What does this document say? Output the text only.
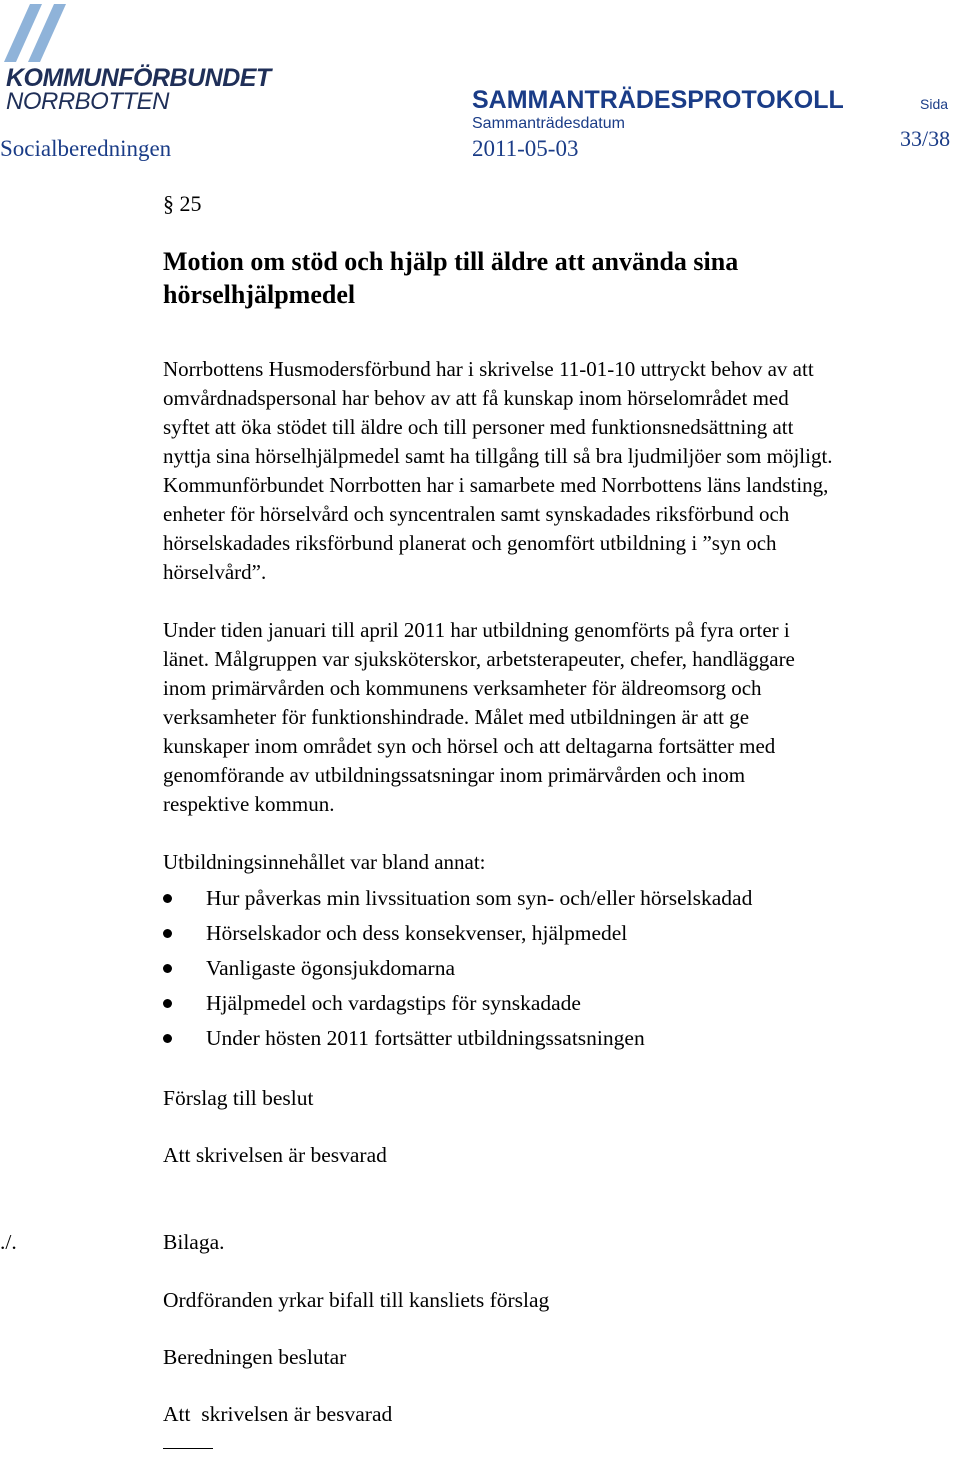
KOMMUNFÖRBUNDET
NORRBOTTEN	SAMMANTRÄDESPROTOKOLL	Sida
Sammanträdesdatum
Socialberedningen	2011-05-03	33/38

§ 25

Motion om stöd och hjälp till äldre att använda sina hörselhjälpmedel

Norrbottens Husmodersförbund har i skrivelse 11-01-10 uttryckt behov av att

omvårdnadspersonal har behov av att få kunskap inom hörselområdet med

syftet att öka stödet till äldre och till personer med funktionsnedsättning att

nyttja sina hörselhjälpmedel samt ha tillgång till så bra ljudmiljöer som möjligt.

Kommunförbundet Norrbotten har i samarbete med Norrbottens läns landsting,

enheter för hörselvård och syncentralen samt synskadades riksförbund och

hörselskadades riksförbund planerat och genomfört utbildning i ”syn och

hörselvård”.

Under tiden januari till april 2011 har utbildning genomförts på fyra orter i

länet. Målgruppen var sjuksköterskor, arbetsterapeuter, chefer, handläggare

inom primärvården och kommunens verksamheter för äldreomsorg och

verksamheter för funktionshindrade. Målet med utbildningen är att ge

kunskaper inom området syn och hörsel och att deltagarna fortsätter med

genomförande av utbildningssatsningar inom primärvården och inom

respektive kommun.

Utbildningsinnehållet var bland annat:

Hur påverkas min livssituation som syn- och/eller hörselskadad
Hörselskador och dess konsekvenser, hjälpmedel
Vanligaste ögonsjukdomarna
Hjälpmedel och vardagstips för synskadade
Under hösten 2011 fortsätter utbildningssatsningen
Förslag till beslut
Att skrivelsen är besvarad
./.	Bilaga.
Ordföranden yrkar bifall till kansliets förslag
Beredningen beslutar
Att  skrivelsen är besvarad
